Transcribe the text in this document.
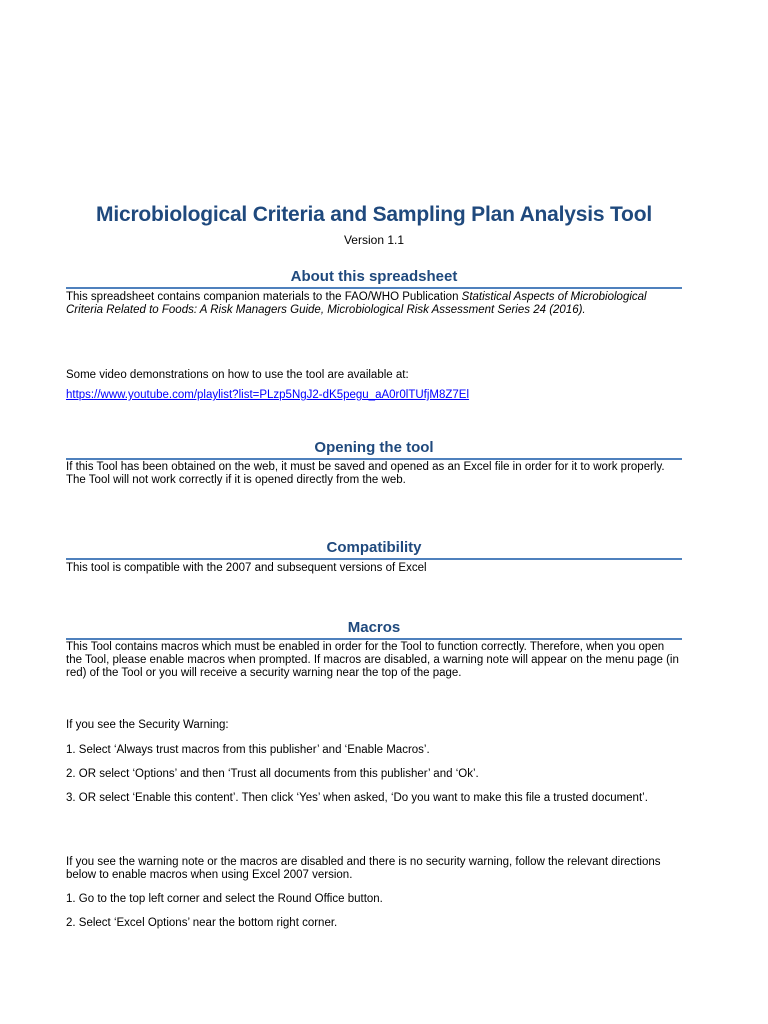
Microbiological Criteria and Sampling Plan Analysis Tool
Version 1.1
About this spreadsheet

This spreadsheet contains companion materials to the FAO/WHO Publication Statistical Aspects of Microbiological Criteria Related to Foods: A Risk Managers Guide, Microbiological Risk Assessment Series 24 (2016).

Some video demonstrations on how to use the tool are available at:

https://www.youtube.com/playlist?list=PLzp5NgJ2-dK5pegu_aA0r0lTUfjM8Z7El
Opening the tool

If this Tool has been obtained on the web, it must be saved and opened as an Excel file in order for it to work properly. The Tool will not work correctly if it is opened directly from the web.

Compatibility

This tool is compatible with the 2007 and subsequent versions of Excel

Macros

This Tool contains macros which must be enabled in order for the Tool to function correctly. Therefore, when you open the Tool, please enable macros when prompted. If macros are disabled, a warning note will appear on the menu page (in red) of the Tool or you will receive a security warning near the top of the page.

If you see the Security Warning:

1. Select ‘Always trust macros from this publisher’ and ‘Enable Macros’.

2. OR select ‘Options’ and then ‘Trust all documents from this publisher’ and ‘Ok’.

3. OR select ‘Enable this content’. Then click ‘Yes’ when asked, ‘Do you want to make this file a trusted document’.

If you see the warning note or the macros are disabled and there is no security warning, follow the relevant directions below to enable macros when using Excel 2007 version.

1. Go to the top left corner and select the Round Office button.

2. Select ‘Excel Options’ near the bottom right corner.
